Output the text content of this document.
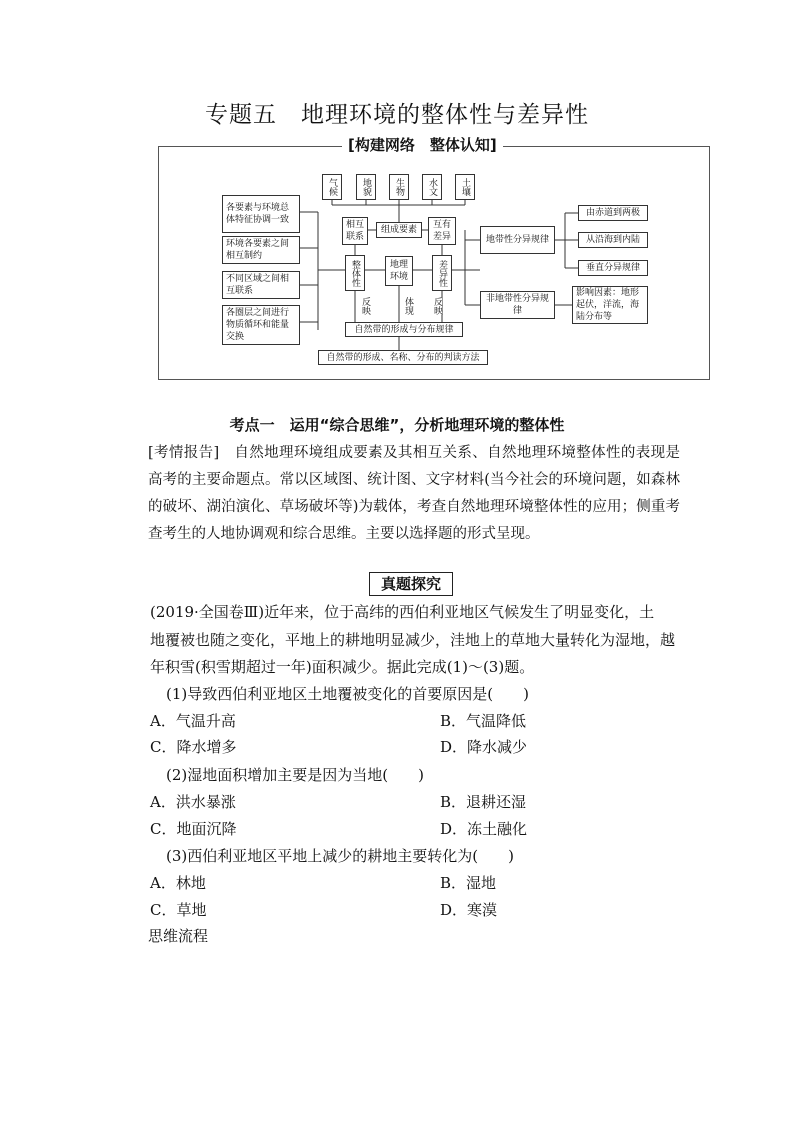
专题五　地理环境的整体性与差异性
[构建网络　整体认知]
气候	地貌	生物	水文	土壤
各要素与环境总体特征协调一致
环境各要素之间相互制约
不同区域之间相互联系
各圈层之间进行物质循环和能量交换
相互联系
组成要素	互有差异
整体性	地理环境	差异性
反映	体现 反映
自然带的形成与分布规律
自然带的形成、名称、分布的判读方法
地带性分异规律
非地带性分异规律
由赤道到两极
从沿海到内陆
垂直分异规律
影响因素：地形起伏，洋流，海陆分布等
考点一　运用“综合思维”，分析地理环境的整体性
[考情报告]　自然地理环境组成要素及其相互关系、自然地理环境整体性的表现是高考的主要命题点。常以区域图、统计图、文字材料(当今社会的环境问题，如森林的破坏、湖泊演化、草场破坏等)为载体，考查自然地理环境整体性的应用；侧重考查考生的人地协调观和综合思维。主要以选择题的形式呈现。
真题探究
(2019·全国卷Ⅲ)近年来，位于高纬的西伯利亚地区气候发生了明显变化，土
地覆被也随之变化，平地上的耕地明显减少，洼地上的草地大量转化为湿地，越
年积雪(积雪期超过一年)面积减少。据此完成(1)～(3)题。
(1)导致西伯利亚地区土地覆被变化的首要原因是(　　)
A．气温升高	B．气温降低
C．降水增多	D．降水减少
(2)湿地面积增加主要是因为当地(　　)
A．洪水暴涨	B．退耕还湿
C．地面沉降	D．冻土融化
(3)西伯利亚地区平地上减少的耕地主要转化为(　　)
A．林地	B．湿地
C．草地	D．寒漠
思维流程
